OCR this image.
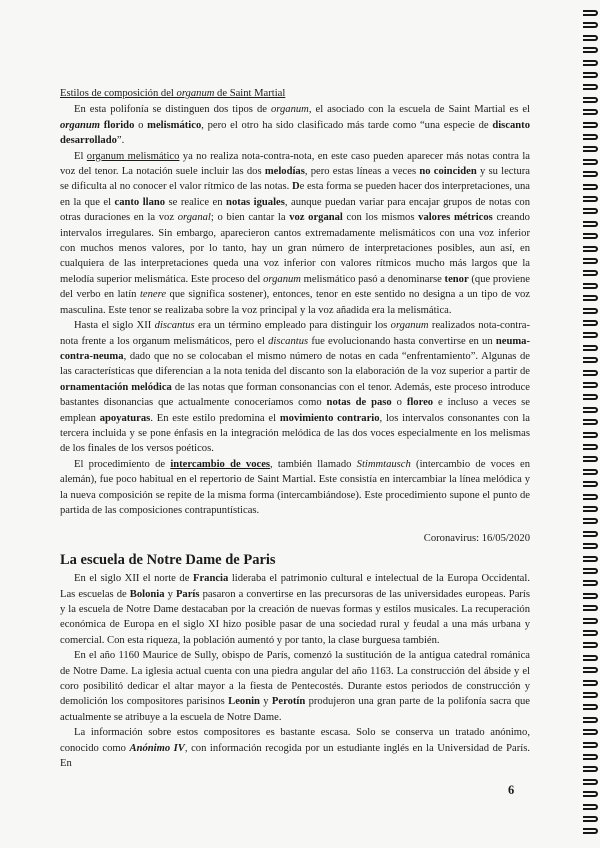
Estilos de composición del organum de Saint Martial

En esta polifonía se distinguen dos tipos de organum, el asociado con la escuela de Saint Martial es el organum florido o melismático, pero el otro ha sido clasificado más tarde como “una especie de discanto desarrollado”.

El organum melismático ya no realiza nota-contra-nota, en este caso pueden aparecer más notas contra la voz del tenor. La notación suele incluir las dos melodías, pero estas líneas a veces no coinciden y su lectura se dificulta al no conocer el valor rítmico de las notas. De esta forma se pueden hacer dos interpretaciones, una en la que el canto llano se realice en notas iguales, aunque puedan variar para encajar grupos de notas con otras duraciones en la voz organal; o bien cantar la voz organal con los mismos valores métricos creando intervalos irregulares. Sin embargo, aparecieron cantos extremadamente melismáticos con una voz inferior con muchos menos valores, por lo tanto, hay un gran número de interpretaciones posibles, aun así, en cualquiera de las interpretaciones queda una voz inferior con valores rítmicos mucho más largos que la melodía superior melismática. Este proceso del organum melismático pasó a denominarse tenor (que proviene del verbo en latín tenere que significa sostener), entonces, tenor en este sentido no designa a un tipo de voz masculina. Este tenor se realizaba sobre la voz principal y la voz añadida era la melismática.

Hasta el siglo XII discantus era un término empleado para distinguir los organum realizados nota-contra-nota frente a los organum melismáticos, pero el discantus fue evolucionando hasta convertirse en un neuma-contra-neuma, dado que no se colocaban el mismo número de notas en cada “enfrentamiento”. Algunas de las características que diferencian a la nota tenida del discanto son la elaboración de la voz superior a partir de ornamentación melódica de las notas que forman consonancias con el tenor. Además, este proceso introduce bastantes disonancias que actualmente conoceríamos como notas de paso o floreo e incluso a veces se emplean apoyaturas. En este estilo predomina el movimiento contrario, los intervalos consonantes con la tercera incluida y se pone énfasis en la integración melódica de las dos voces especialmente en los melismas de los finales de los versos poéticos.

El procedimiento de intercambio de voces, también llamado Stimmtausch (intercambio de voces en alemán), fue poco habitual en el repertorio de Saint Martial. Este consistía en intercambiar la línea melódica y la nueva composición se repite de la misma forma (intercambiándose). Este procedimiento supone el punto de partida de las composiciones contrapuntísticas.

Coronavirus: 16/05/2020
La escuela de Notre Dame de Paris

En el siglo XII el norte de Francia lideraba el patrimonio cultural e intelectual de la Europa Occidental. Las escuelas de Bolonia y París pasaron a convertirse en las precursoras de las universidades europeas. París y la escuela de Notre Dame destacaban por la creación de nuevas formas y estilos musicales. La recuperación económica de Europa en el siglo XI hizo posible pasar de una sociedad rural y feudal a una más urbana y comercial. Con esta riqueza, la población aumentó y por tanto, la clase burguesa también.

En el año 1160 Maurice de Sully, obispo de París, comenzó la sustitución de la antigua catedral románica de Notre Dame. La iglesia actual cuenta con una piedra angular del año 1163. La construcción del ábside y el coro posibilitó dedicar el altar mayor a la fiesta de Pentecostés. Durante estos periodos de construcción y demolición los compositores parisinos Leonin y Perotín produjeron una gran parte de la polifonía sacra que actualmente se atribuye a la escuela de Notre Dame.

La información sobre estos compositores es bastante escasa. Solo se conserva un tratado anónimo, conocido como Anónimo IV, con información recogida por un estudiante inglés en la Universidad de París. En

6
